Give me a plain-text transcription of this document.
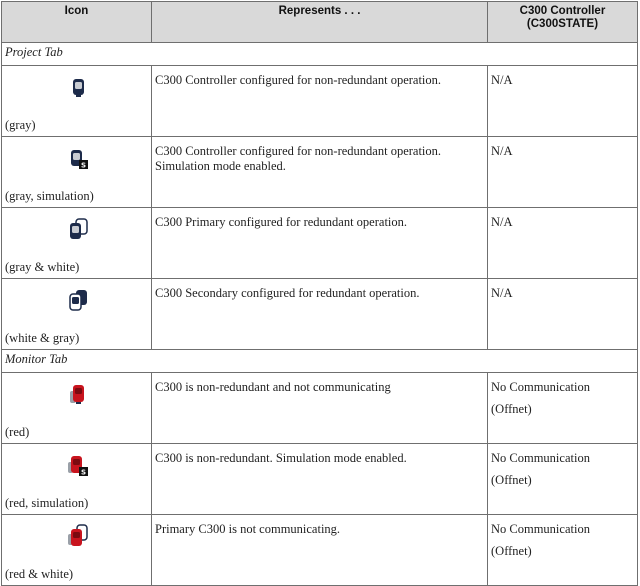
Icon	Represents . . .	C300 Controller
(C300STATE)
Project Tab		

(gray)	C300 Controller configured for non-redundant operation.	N/A

S
(gray, simulation)	C300 Controller configured for non-redundant operation. Simulation mode enabled.	N/A

(gray & white)	C300 Primary configured for redundant operation.	N/A

(white & gray)	C300 Secondary configured for redundant operation.	N/A
Monitor Tab		

(red)	C300 is non-redundant and not communicating	No Communication
(Offnet)

S
(red, simulation)	C300 is non-redundant. Simulation mode enabled.	No Communication
(Offnet)

(red & white)	Primary C300 is not communicating.	No Communication
(Offnet)
